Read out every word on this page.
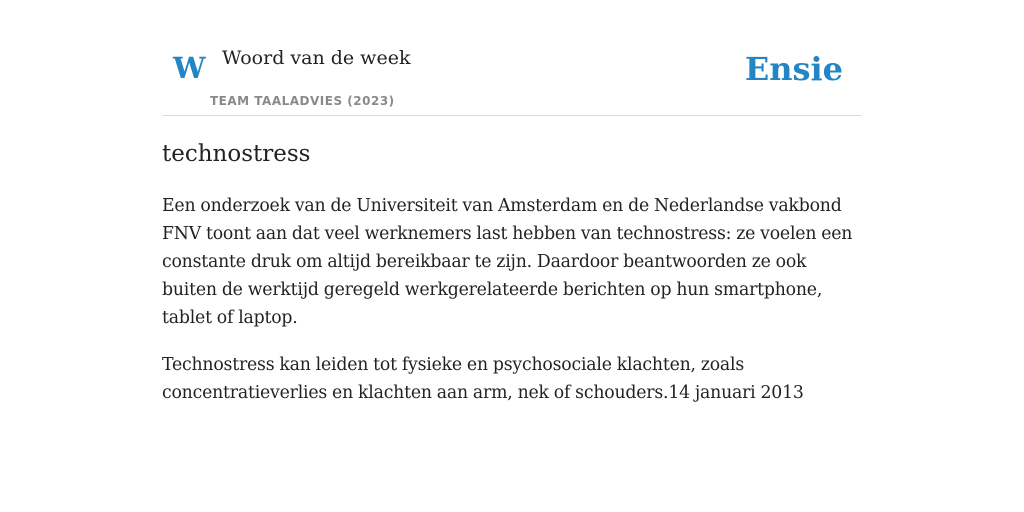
W Woord van de week
TEAM TAALADVIES (2023)
Ensie
technostress

Een onderzoek van de Universiteit van Amsterdam en de Nederlandse vakbond FNV toont aan dat veel werknemers last hebben van technostress: ze voelen een constante druk om altijd bereikbaar te zijn. Daardoor beantwoorden ze ook buiten de werktijd geregeld werkgerelateerde berichten op hun smartphone, tablet of laptop.

Technostress kan leiden tot fysieke en psychosociale klachten, zoals concentratieverlies en klachten aan arm, nek of schouders.14 januari 2013
